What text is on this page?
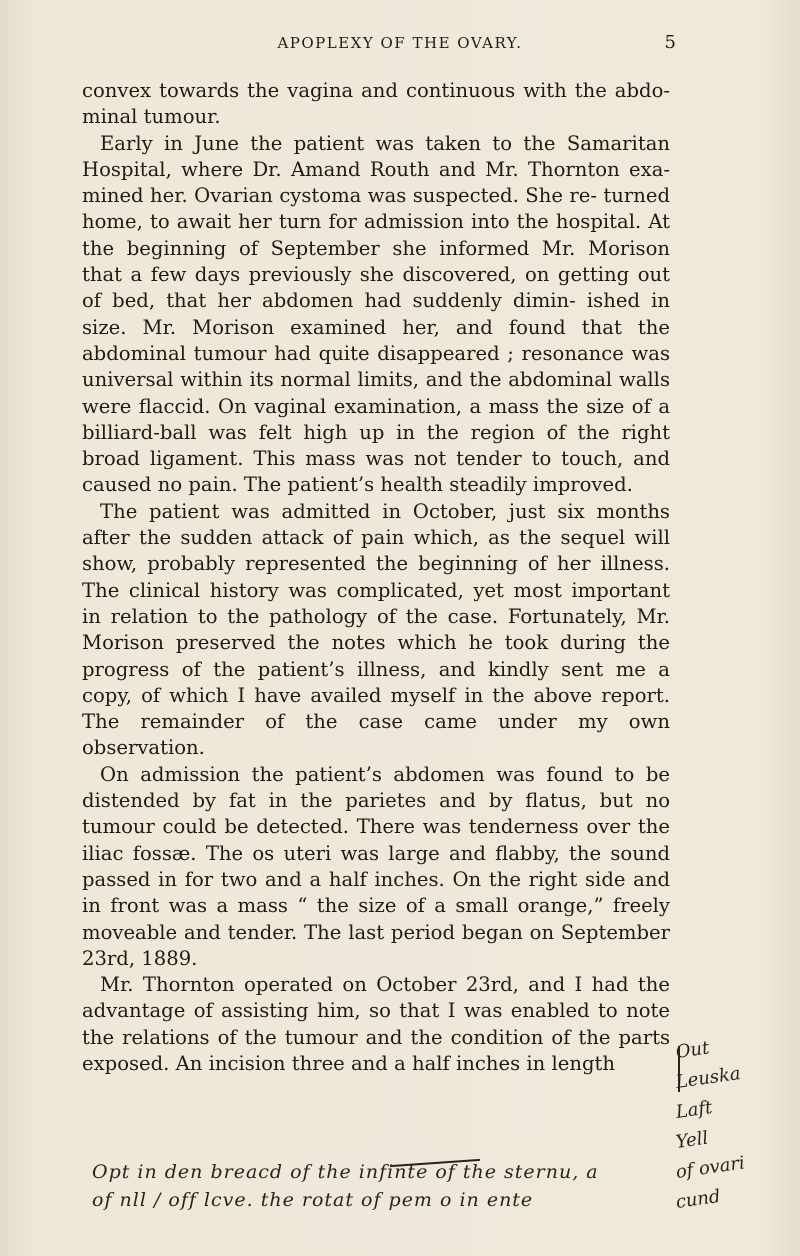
APOPLEXY OF THE OVARY.	5

convex towards the vagina and continuous with the abdo- minal tumour.

Early in June the patient was taken to the Samaritan Hospital, where Dr. Amand Routh and Mr. Thornton exa- mined her. Ovarian cystoma was suspected. She re- turned home, to await her turn for admission into the hospital. At the beginning of September she informed Mr. Morison that a few days previously she discovered, on getting out of bed, that her abdomen had suddenly dimin- ished in size. Mr. Morison examined her, and found that the abdominal tumour had quite disappeared ; resonance was universal within its normal limits, and the abdominal walls were flaccid. On vaginal examination, a mass the size of a billiard-ball was felt high up in the region of the right broad ligament. This mass was not tender to touch, and caused no pain. The patient’s health steadily improved.

The patient was admitted in October, just six months after the sudden attack of pain which, as the sequel will show, probably represented the beginning of her illness. The clinical history was complicated, yet most important in relation to the pathology of the case. Fortunately, Mr. Morison preserved the notes which he took during the progress of the patient’s illness, and kindly sent me a copy, of which I have availed myself in the above report. The remainder of the case came under my own observation.

On admission the patient’s abdomen was found to be distended by fat in the parietes and by flatus, but no tumour could be detected. There was tenderness over the iliac fossæ. The os uteri was large and flabby, the sound passed in for two and a half inches. On the right side and in front was a mass “ the size of a small orange,” freely moveable and tender. The last period began on September 23rd, 1889.

Mr. Thornton operated on October 23rd, and I had the advantage of assisting him, so that I was enabled to note the relations of the tumour and the condition of the parts exposed. An incision three and a half inches in length

Out
Leuska
Laft
Yell
of ovari
cund
Opt in den breacd of the infinte of the sternu, a
of nll / off lcve. the rotat of pem o in ente
